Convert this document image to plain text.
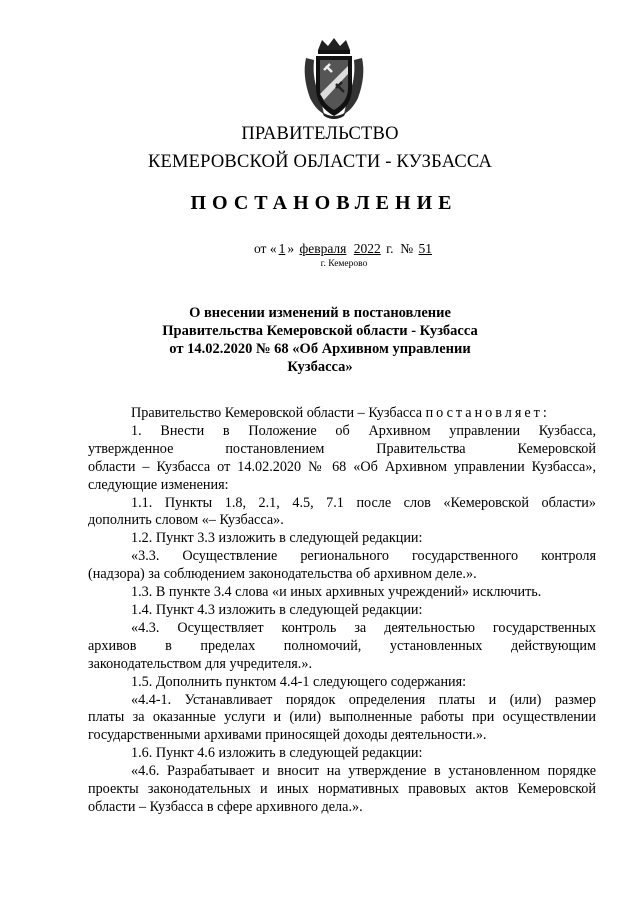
ПРАВИТЕЛЬСТВО
КЕМЕРОВСКОЙ ОБЛАСТИ - КУЗБАССА
ПОСТАНОВЛЕНИЕ
от « 1 » февраля 2022 г. № 51
г. Кемерово
О внесении изменений в постановление
Правительства Кемеровской области - Кузбасса
от 14.02.2020 № 68 «Об Архивном управлении
Кузбасса»
Правительство Кемеровской области – Кузбасса постановляет:
1. Внести в Положение об Архивном управлении Кузбасса,
утвержденное постановлением Правительства Кемеровской
области – Кузбасса от 14.02.2020 № 68 «Об Архивном управлении Кузбасса»,
следующие изменения:
1.1. Пункты 1.8, 2.1, 4.5, 7.1 после слов «Кемеровской области»
дополнить словом «– Кузбасса».
1.2. Пункт 3.3 изложить в следующей редакции:
«3.3. Осуществление регионального государственного контроля
(надзора) за соблюдением законодательства об архивном деле.».
1.3. В пункте 3.4 слова «и иных архивных учреждений» исключить.
1.4. Пункт 4.3 изложить в следующей редакции:
«4.3. Осуществляет контроль за деятельностью государственных
архивов в пределах полномочий, установленных действующим
законодательством для учредителя.».
1.5. Дополнить пунктом 4.4-1 следующего содержания:
«4.4-1. Устанавливает порядок определения платы и (или) размер
платы за оказанные услуги и (или) выполненные работы при осуществлении
государственными архивами приносящей доходы деятельности.».
1.6. Пункт 4.6 изложить в следующей редакции:
«4.6. Разрабатывает и вносит на утверждение в установленном порядке
проекты законодательных и иных нормативных правовых актов Кемеровской
области – Кузбасса в сфере архивного дела.».
